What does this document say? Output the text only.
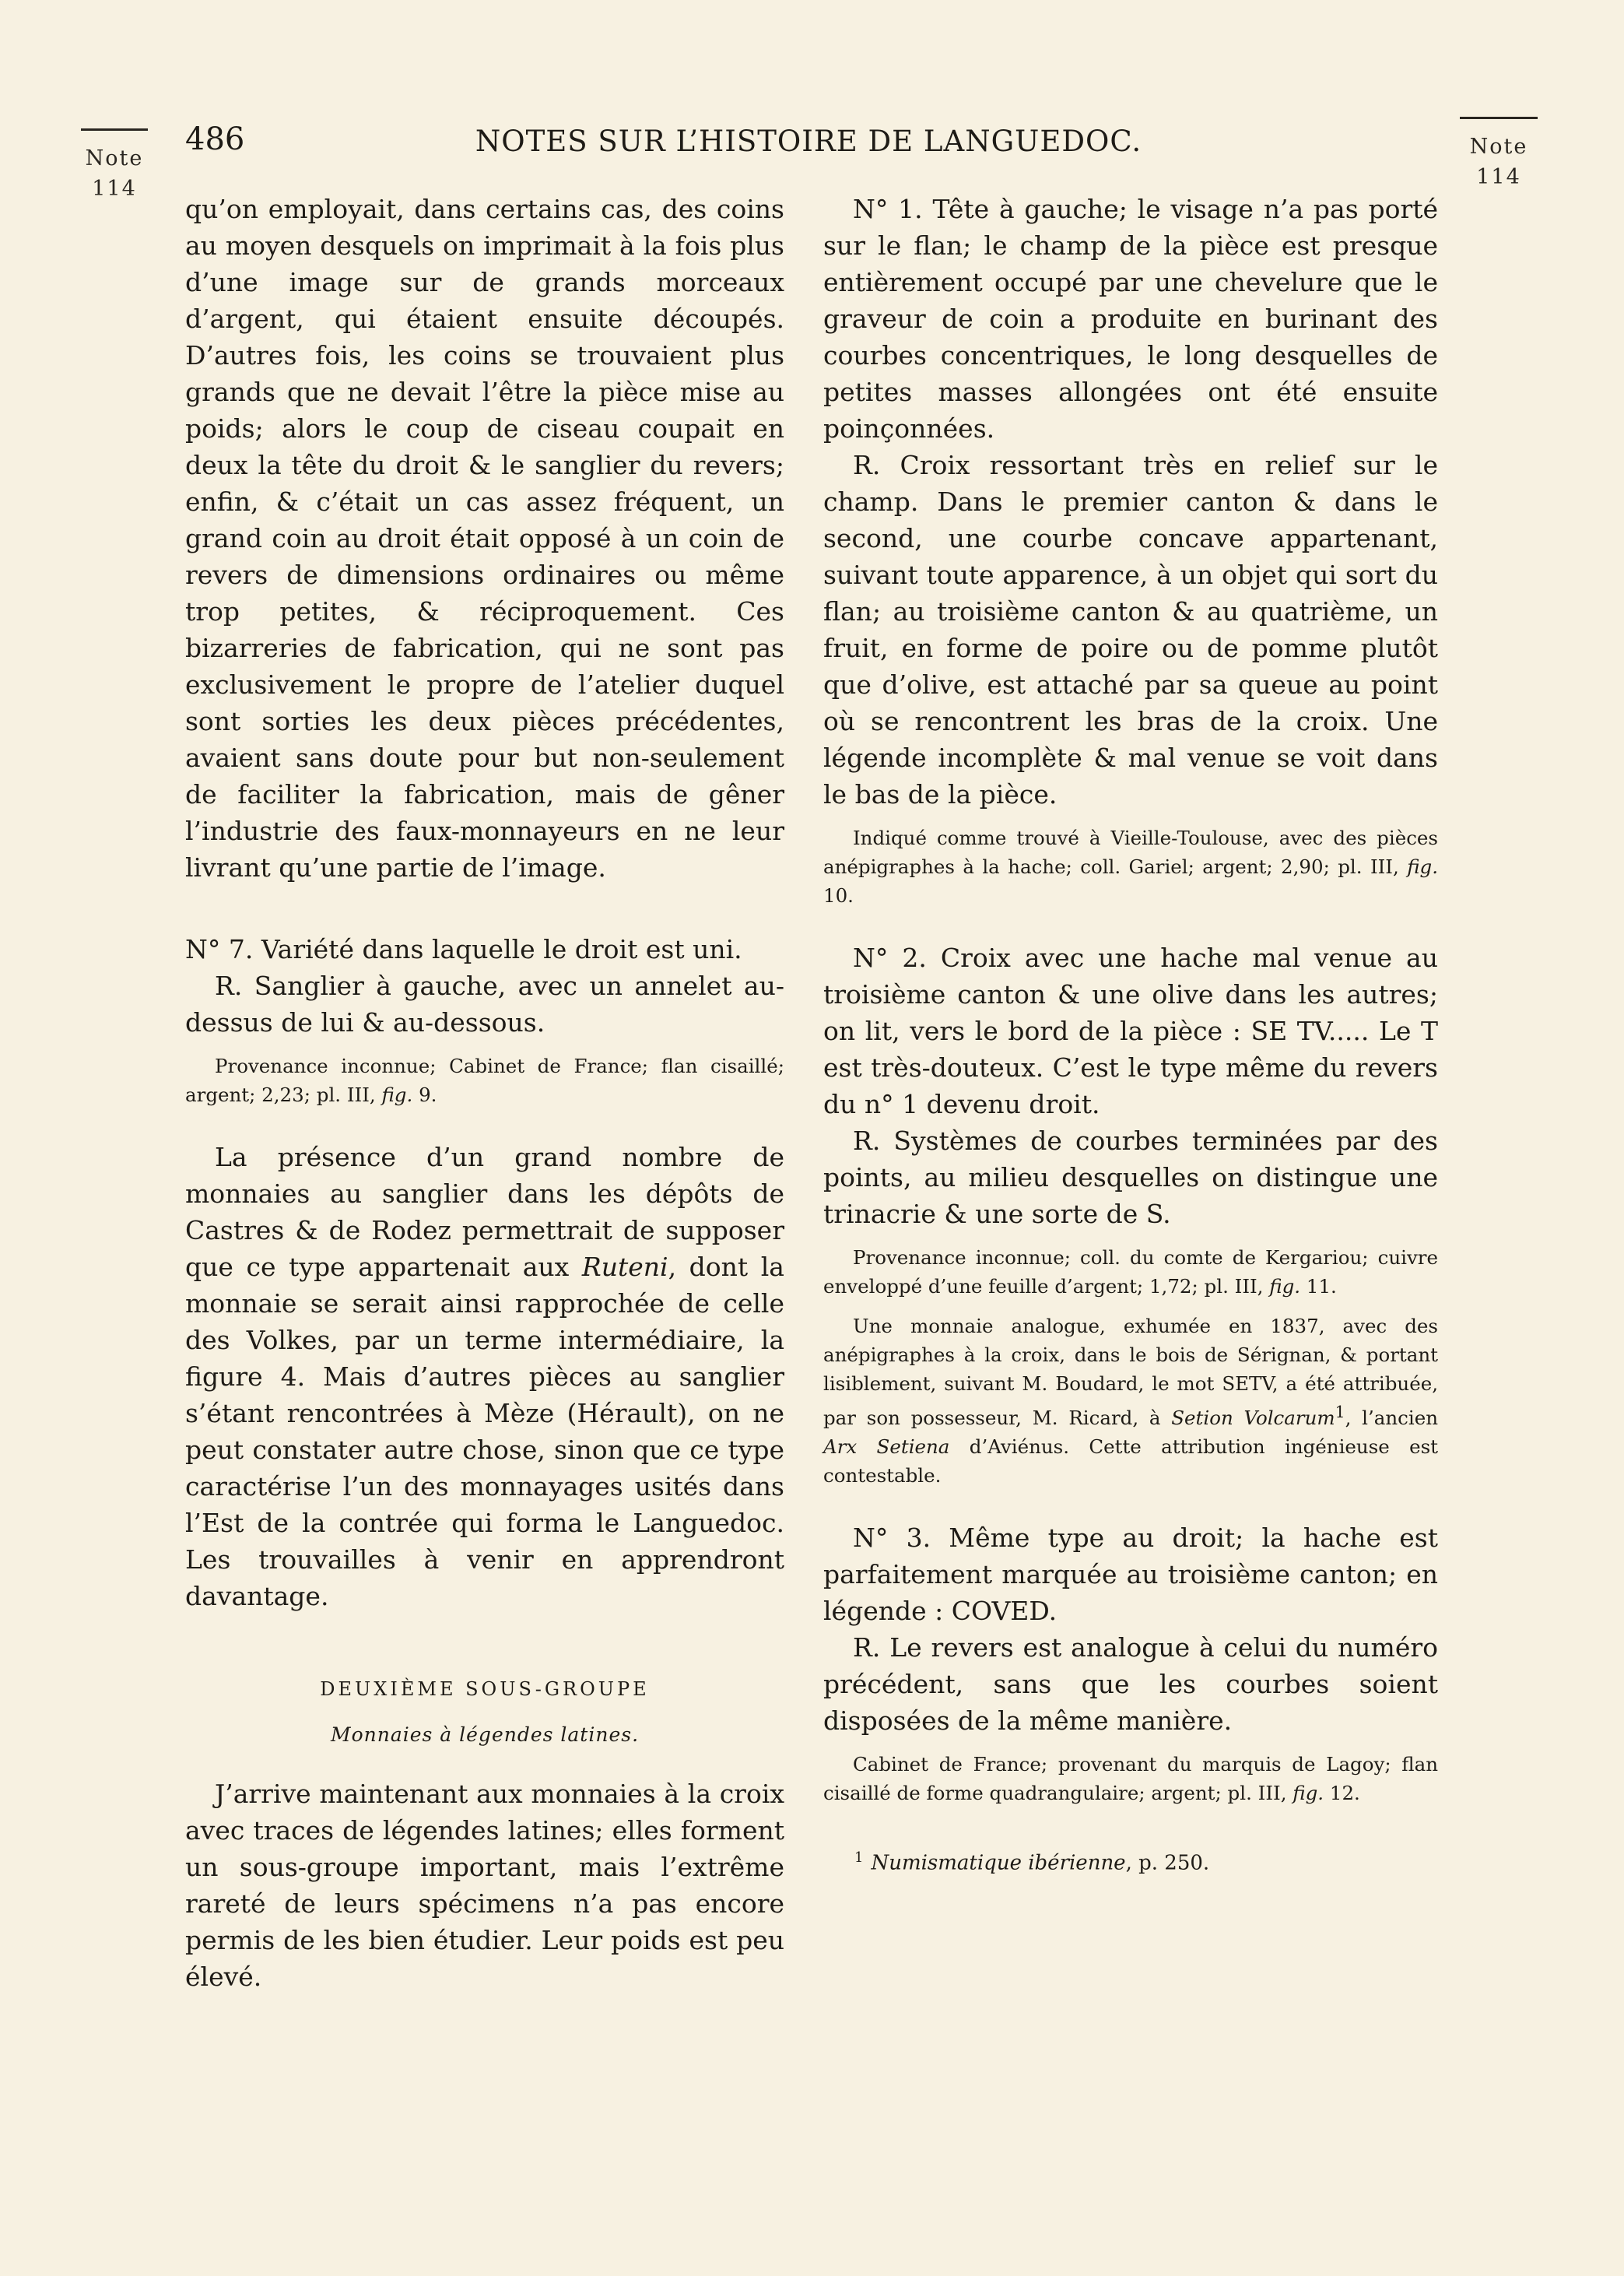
Note
114
Note
114
486	NOTES SUR L’HISTOIRE DE LANGUEDOC.

qu’on employait, dans certains cas, des coins au moyen desquels on imprimait à la fois plus d’une image sur de grands morceaux d’argent, qui étaient ensuite découpés. D’autres fois, les coins se trouvaient plus grands que ne devait l’être la pièce mise au poids; alors le coup de ciseau coupait en deux la tête du droit & le sanglier du revers; enfin, & c’était un cas assez fréquent, un grand coin au droit était opposé à un coin de revers de dimensions ordinaires ou même trop petites, & réciproquement. Ces bizarreries de fabrication, qui ne sont pas exclusivement le propre de l’atelier duquel sont sorties les deux pièces précédentes, avaient sans doute pour but non-seulement de faciliter la fabrication, mais de gêner l’industrie des faux-monnayeurs en ne leur livrant qu’une partie de l’image.

N° 7. Variété dans laquelle le droit est uni.

R. Sanglier à gauche, avec un annelet au-dessus de lui & au-dessous.

Provenance inconnue; Cabinet de France; flan cisaillé; argent; 2,23; pl. III, fig. 9.

La présence d’un grand nombre de monnaies au sanglier dans les dépôts de Castres & de Rodez permettrait de supposer que ce type appartenait aux Ruteni, dont la monnaie se serait ainsi rapprochée de celle des Volkes, par un terme intermédiaire, la figure 4. Mais d’autres pièces au sanglier s’étant rencontrées à Mèze (Hérault), on ne peut constater autre chose, sinon que ce type caractérise l’un des monnayages usités dans l’Est de la contrée qui forma le Languedoc. Les trouvailles à venir en apprendront davantage.

DEUXIÈME SOUS-GROUPE

Monnaies à légendes latines.

J’arrive maintenant aux monnaies à la croix avec traces de légendes latines; elles forment un sous-groupe important, mais l’extrême rareté de leurs spécimens n’a pas encore permis de les bien étudier. Leur poids est peu élevé.

N° 1. Tête à gauche; le visage n’a pas porté sur le flan; le champ de la pièce est presque entièrement occupé par une chevelure que le graveur de coin a produite en burinant des courbes concentriques, le long desquelles de petites masses allongées ont été ensuite poinçonnées.

R. Croix ressortant très en relief sur le champ. Dans le premier canton & dans le second, une courbe concave appartenant, suivant toute apparence, à un objet qui sort du flan; au troisième canton & au quatrième, un fruit, en forme de poire ou de pomme plutôt que d’olive, est attaché par sa queue au point où se rencontrent les bras de la croix. Une légende incomplète & mal venue se voit dans le bas de la pièce.

Indiqué comme trouvé à Vieille-Toulouse, avec des pièces anépigraphes à la hache; coll. Gariel; argent; 2,90; pl. III, fig. 10.

N° 2. Croix avec une hache mal venue au troisième canton & une olive dans les autres; on lit, vers le bord de la pièce : SE TV..... Le T est très-douteux. C’est le type même du revers du n° 1 devenu droit.

R. Systèmes de courbes terminées par des points, au milieu desquelles on distingue une trinacrie & une sorte de S.

Provenance inconnue; coll. du comte de Kergariou; cuivre enveloppé d’une feuille d’argent; 1,72; pl. III, fig. 11.

Une monnaie analogue, exhumée en 1837, avec des anépigraphes à la croix, dans le bois de Sérignan, & portant lisiblement, suivant M. Boudard, le mot SETV, a été attribuée, par son possesseur, M. Ricard, à Setion Volcarum$^1$, l’ancien Arx Setiena d’Aviénus. Cette attribution ingénieuse est contestable.

N° 3. Même type au droit; la hache est parfaitement marquée au troisième canton; en légende : COVED.

R. Le revers est analogue à celui du numéro précédent, sans que les courbes soient disposées de la même manière.

Cabinet de France; provenant du marquis de Lagoy; flan cisaillé de forme quadrangulaire; argent; pl. III, fig. 12.

$^1$ Numismatique ibérienne, p. 250.
